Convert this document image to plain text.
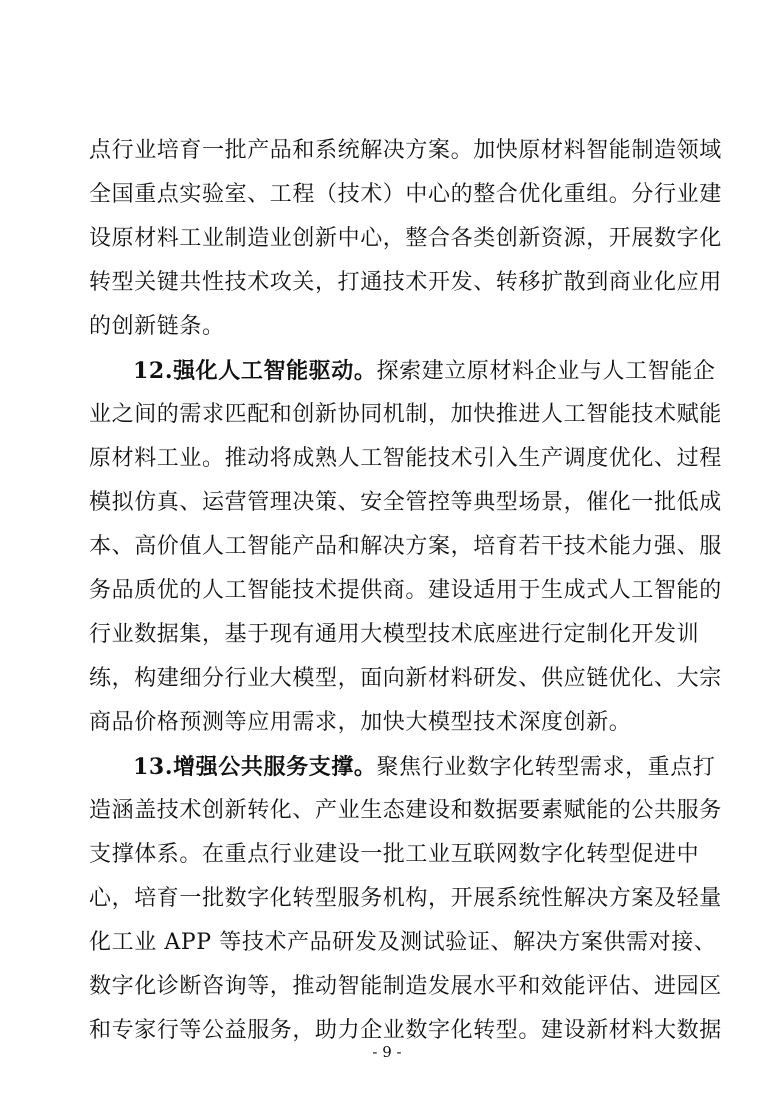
点行业培育一批产品和系统解决方案。加快原材料智能制造领域
全国重点实验室、工程（技术）中心的整合优化重组。分行业建
设原材料工业制造业创新中心，整合各类创新资源，开展数字化
转型关键共性技术攻关，打通技术开发、转移扩散到商业化应用
的创新链条。
12.强化人工智能驱动。探索建立原材料企业与人工智能企
业之间的需求匹配和创新协同机制，加快推进人工智能技术赋能
原材料工业。推动将成熟人工智能技术引入生产调度优化、过程
模拟仿真、运营管理决策、安全管控等典型场景，催化一批低成
本、高价值人工智能产品和解决方案，培育若干技术能力强、服
务品质优的人工智能技术提供商。建设适用于生成式人工智能的
行业数据集，基于现有通用大模型技术底座进行定制化开发训
练，构建细分行业大模型，面向新材料研发、供应链优化、大宗
商品价格预测等应用需求，加快大模型技术深度创新。
13.增强公共服务支撑。聚焦行业数字化转型需求，重点打
造涵盖技术创新转化、产业生态建设和数据要素赋能的公共服务
支撑体系。在重点行业建设一批工业互联网数字化转型促进中
心，培育一批数字化转型服务机构，开展系统性解决方案及轻量
化工业 APP 等技术产品研发及测试验证、解决方案供需对接、
数字化诊断咨询等，推动智能制造发展水平和效能评估、进园区
和专家行等公益服务，助力企业数字化转型。建设新材料大数据
- 9 -
